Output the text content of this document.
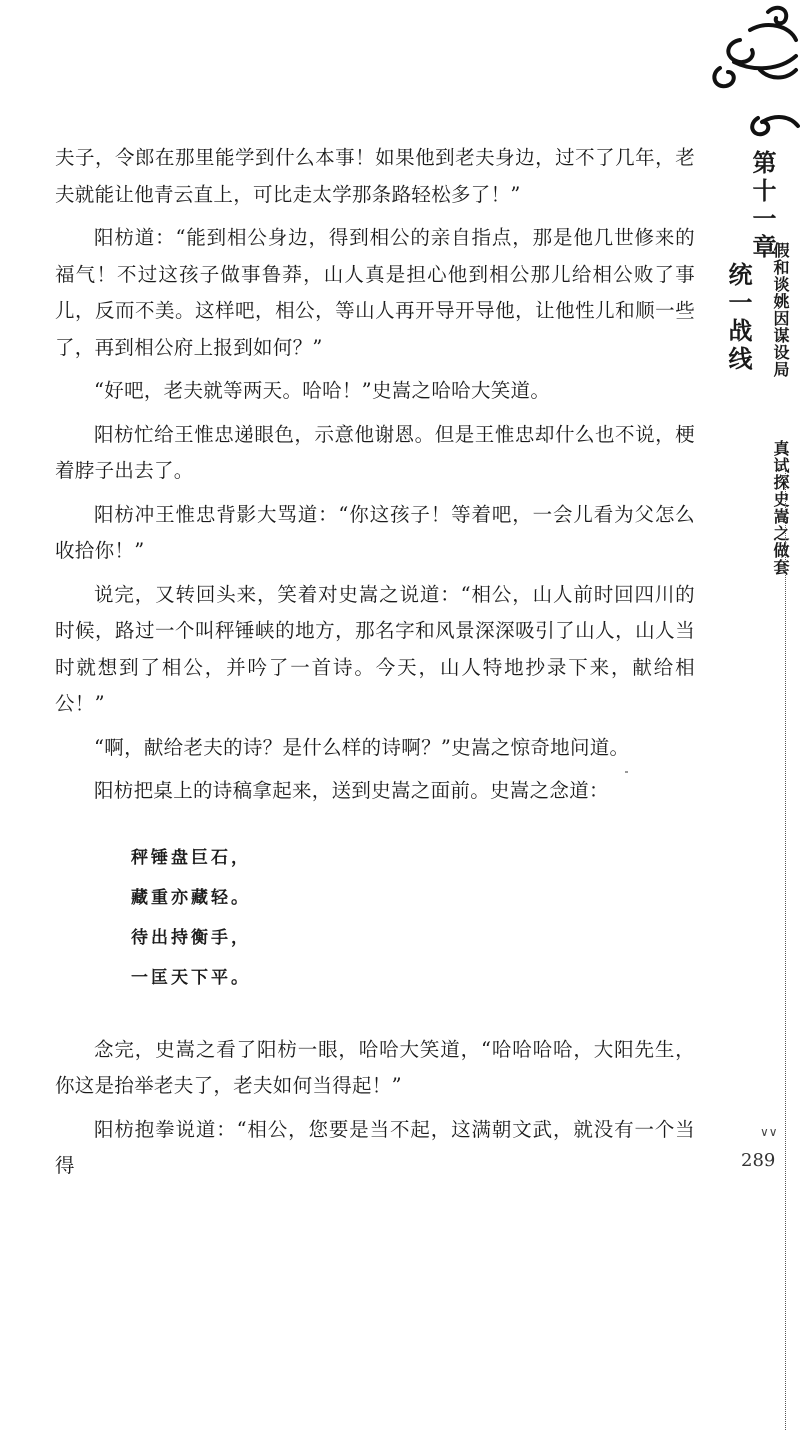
第十一章
统一战线 假和谈姚因谋设局
真试探史嵩之做套
∨∨
289

夫子，令郎在那里能学到什么本事！如果他到老夫身边，过不了几年，老夫就能让他青云直上，可比走太学那条路轻松多了！”

阳枋道：“能到相公身边，得到相公的亲自指点，那是他几世修来的福气！不过这孩子做事鲁莽，山人真是担心他到相公那儿给相公败了事儿，反而不美。这样吧，相公，等山人再开导开导他，让他性儿和顺一些了，再到相公府上报到如何？”

“好吧，老夫就等两天。哈哈！”史嵩之哈哈大笑道。

阳枋忙给王惟忠递眼色，示意他谢恩。但是王惟忠却什么也不说，梗着脖子出去了。

阳枋冲王惟忠背影大骂道：“你这孩子！等着吧，一会儿看为父怎么收拾你！”

说完，又转回头来，笑着对史嵩之说道：“相公，山人前时回四川的时候，路过一个叫秤锤峡的地方，那名字和风景深深吸引了山人，山人当时就想到了相公，并吟了一首诗。今天，山人特地抄录下来，献给相公！”

“啊，献给老夫的诗？是什么样的诗啊？”史嵩之惊奇地问道。

阳枋把桌上的诗稿拿起来，送到史嵩之面前。史嵩之念道：

秤锤盘巨石，
藏重亦藏轻。
待出持衡手，
一匡天下平。

念完，史嵩之看了阳枋一眼，哈哈大笑道，“哈哈哈哈，大阳先生，你这是抬举老夫了，老夫如何当得起！”

阳枋抱拳说道：“相公，您要是当不起，这满朝文武，就没有一个当得
